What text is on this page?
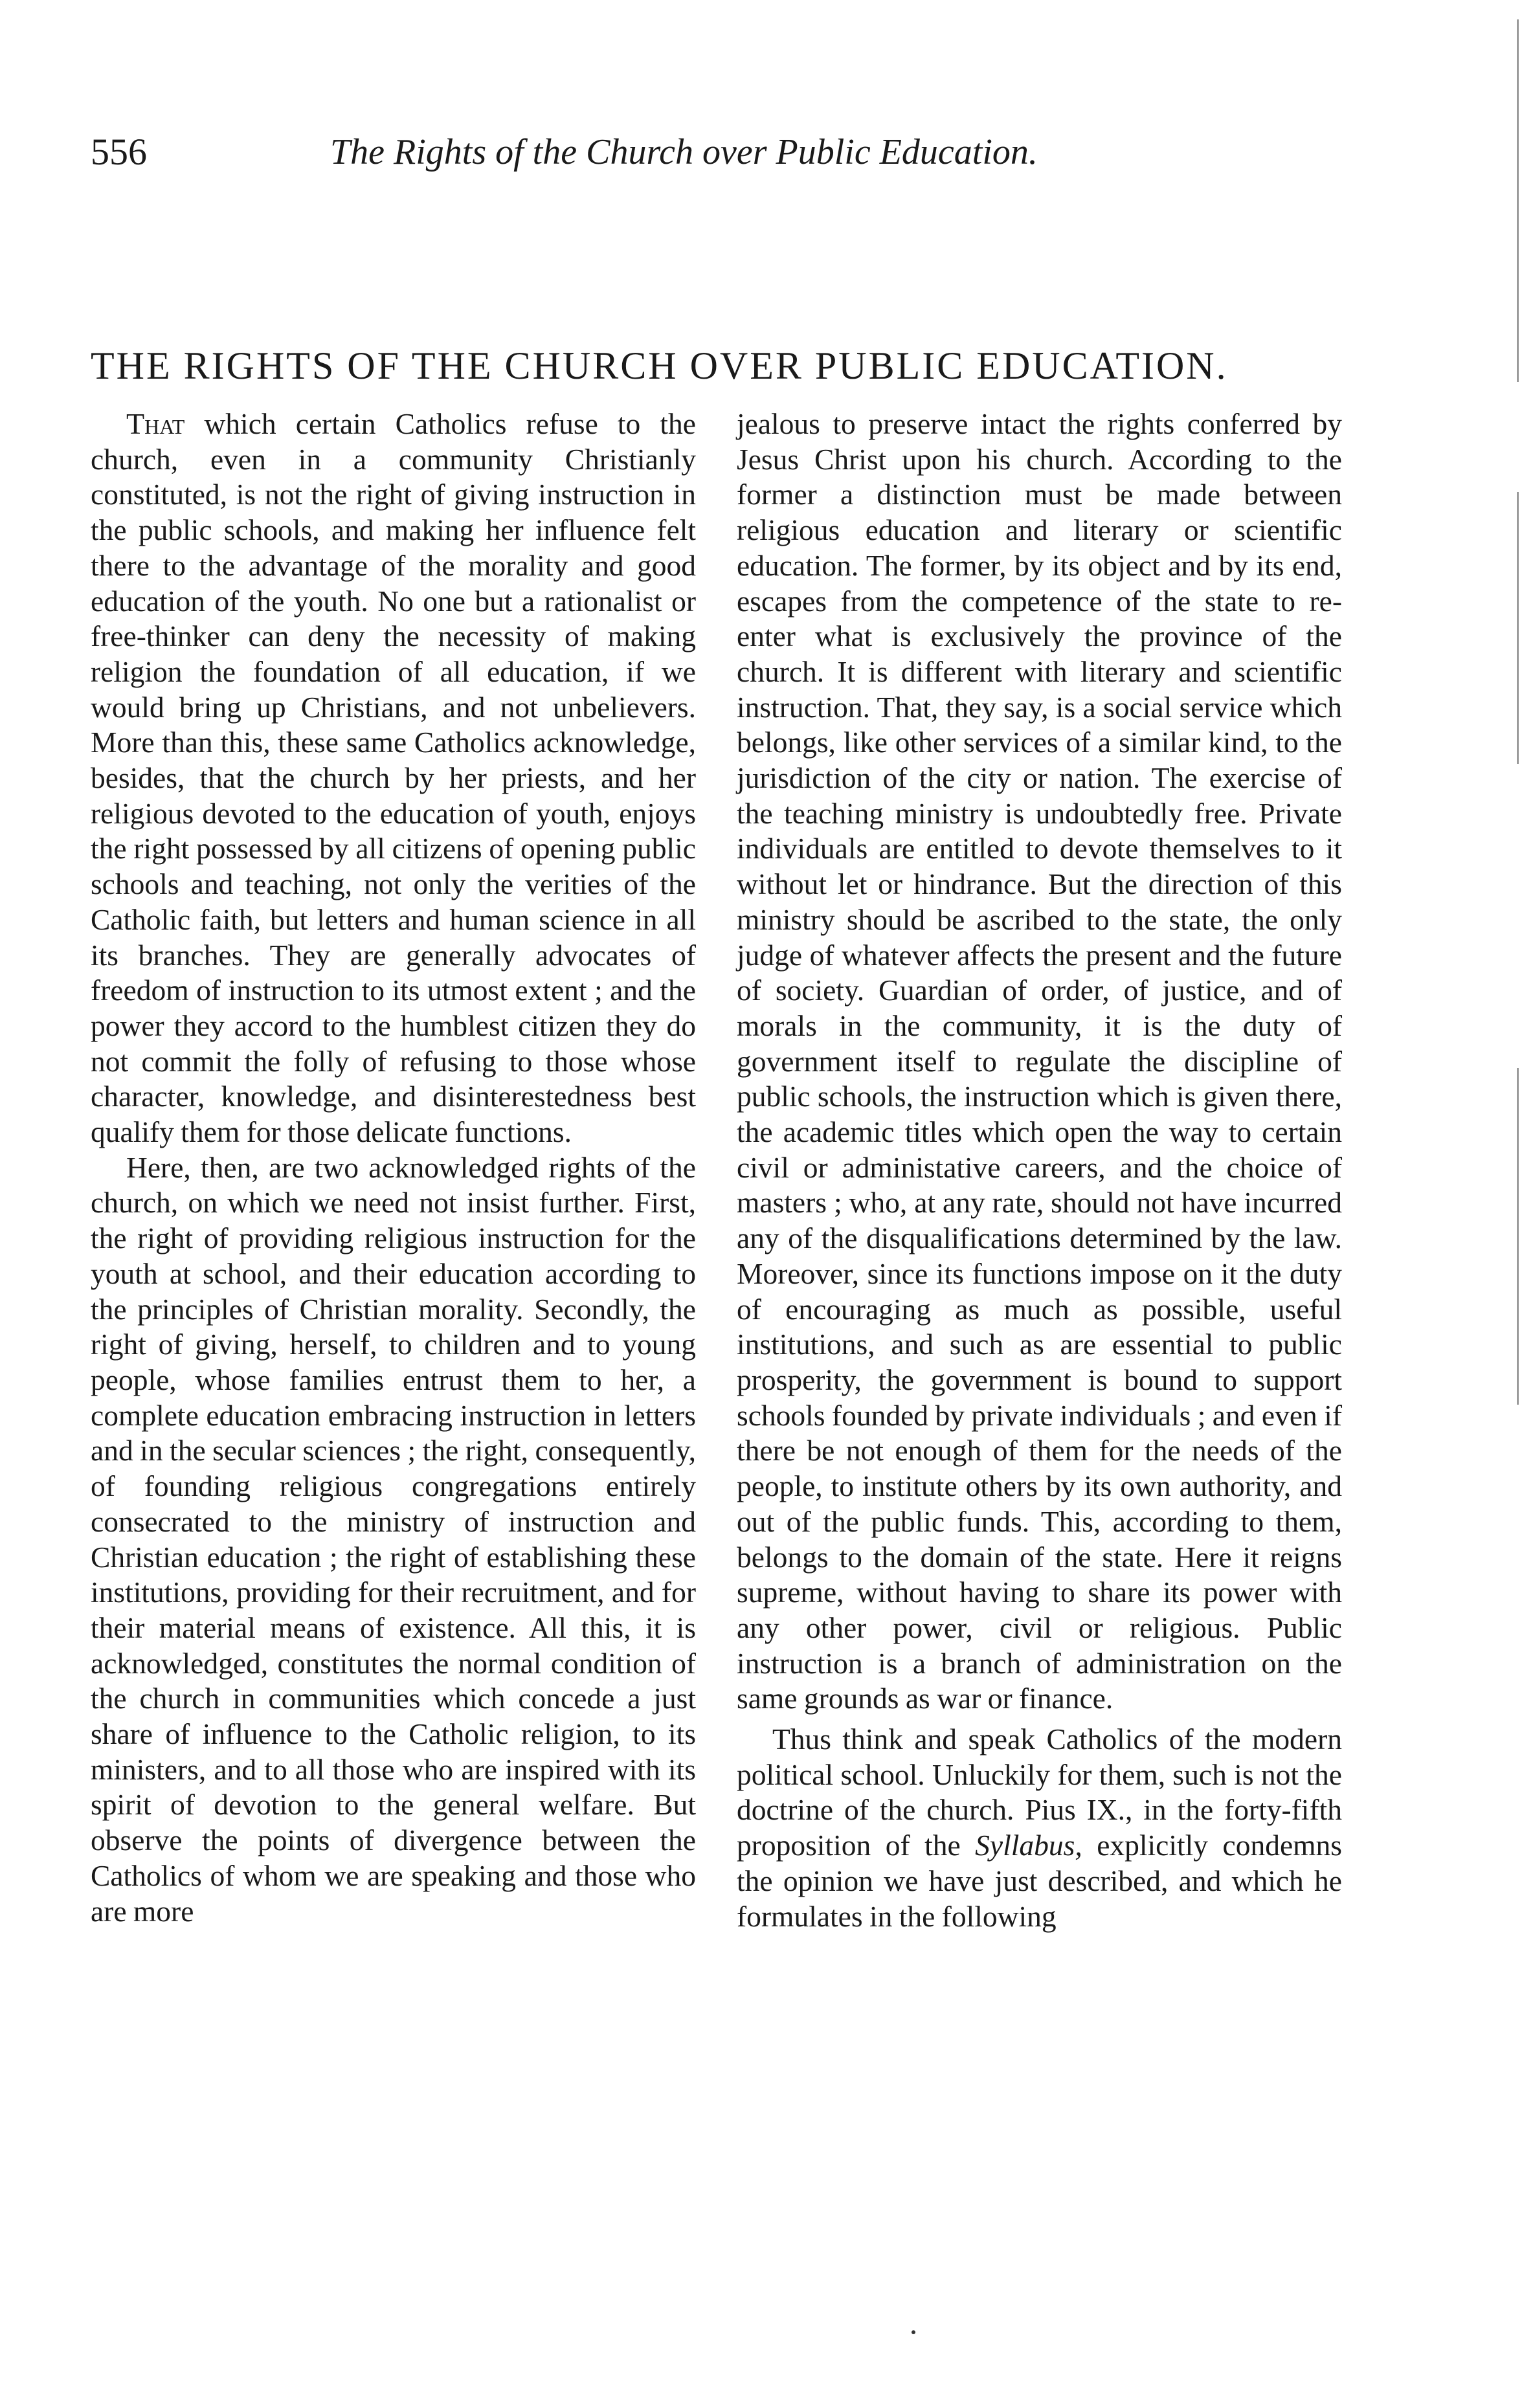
556	The Rights of the Church over Public Education.
THE RIGHTS OF THE CHURCH OVER PUBLIC EDUCATION.

That which certain Catholics refuse to the church, even in a community Christianly constituted, is not the right of giving instruction in the public schools, and making her influence felt there to the advantage of the morality and good education of the youth. No one but a rationalist or free-thinker can deny the necessity of making religion the foundation of all education, if we would bring up Christians, and not unbelievers. More than this, these same Catholics acknowledge, besides, that the church by her priests, and her religious devoted to the education of youth, enjoys the right possessed by all citizens of opening public schools and teaching, not only the verities of the Catholic faith, but letters and human science in all its branches. They are generally advocates of freedom of instruction to its utmost extent ; and the power they accord to the humblest citizen they do not commit the folly of refusing to those whose character, knowledge, and disinterestedness best qualify them for those delicate functions.

Here, then, are two acknowledged rights of the church, on which we need not insist further. First, the right of providing religious instruction for the youth at school, and their education according to the principles of Christian morality. Secondly, the right of giving, herself, to children and to young people, whose families entrust them to her, a complete education embracing instruction in letters and in the secular sciences ; the right, consequently, of founding religious congregations entirely consecrated to the ministry of instruction and Christian education ; the right of establishing these institutions, providing for their recruitment, and for their material means of existence. All this, it is acknowledged, constitutes the normal condition of the church in communities which concede a just share of influence to the Catholic religion, to its ministers, and to all those who are inspired with its spirit of devotion to the general welfare. But observe the points of divergence between the Catholics of whom we are speaking and those who are more

jealous to preserve intact the rights conferred by Jesus Christ upon his church. According to the former a distinction must be made between religious education and literary or scientific education. The former, by its object and by its end, escapes from the competence of the state to re-enter what is exclusively the province of the church. It is different with literary and scientific instruction. That, they say, is a social service which belongs, like other services of a similar kind, to the jurisdiction of the city or nation. The exercise of the teaching ministry is undoubtedly free. Private individuals are entitled to devote themselves to it without let or hindrance. But the direction of this ministry should be ascribed to the state, the only judge of whatever affects the present and the future of society. Guardian of order, of justice, and of morals in the community, it is the duty of government itself to regulate the discipline of public schools, the instruction which is given there, the academic titles which open the way to certain civil or administative careers, and the choice of masters ; who, at any rate, should not have incurred any of the disqualifications determined by the law. Moreover, since its functions impose on it the duty of encouraging as much as possible, useful institutions, and such as are essential to public prosperity, the government is bound to support schools founded by private individuals ; and even if there be not enough of them for the needs of the people, to institute others by its own authority, and out of the public funds. This, according to them, belongs to the domain of the state. Here it reigns supreme, without having to share its power with any other power, civil or religious. Public instruction is a branch of administration on the same grounds as war or finance.

Thus think and speak Catholics of the modern political school. Unluckily for them, such is not the doctrine of the church. Pius IX., in the forty-fifth proposition of the Syllabus, explicitly condemns the opinion we have just described, and which he formulates in the following
